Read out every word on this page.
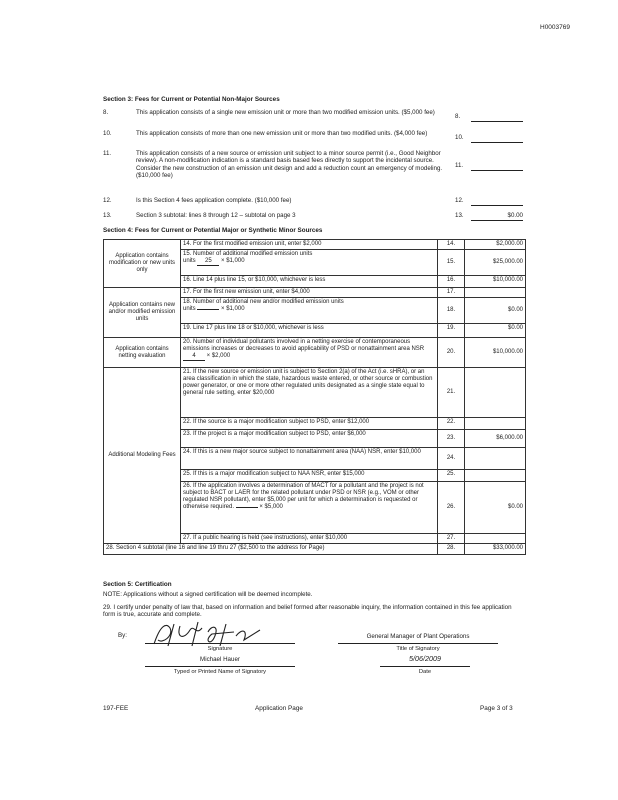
H0003769
Section 3: Fees for Current or Potential Non-Major Sources
8.	This application consists of a single new emission unit or more than two modified emission units. ($5,000 fee)
8.
10.	This application consists of more than one new emission unit or more than two modified units. ($4,000 fee)
10.
11.	This application consists of a new source or emission unit subject to a minor source permit (i.e., Good Neighbor review). A non-modification indication is a standard basis based fees directly to support the incidental source. Consider the new construction of an emission unit design and add a reduction count an emergency of modeling. ($10,000 fee)
11.
12.	Is this Section 4 fees application complete. ($10,000 fee)	12.
13.	Section 3 subtotal: lines 8 through 12 – subtotal on page 3	13.	$0.00
Section 4: Fees for Current or Potential Major or Synthetic Minor Sources
Application contains modification or new units only	14. For the first modified emission unit, enter $2,000	14.	$2,000.00
	15. Number of additional modified emission units
units 25 × $1,000	15.	$25,000.00
	16. Line 14 plus line 15, or $10,000, whichever is less	16.	$10,000.00
Application contains new and/or modified emission units	17. For the first new emission unit, enter $4,000	17.	
	18. Number of additional new and/or modified emission units
units × $1,000	18.	$0.00
	19. Line 17 plus line 18 or $10,000, whichever is less	19.	$0.00
Application contains netting evaluation	20. Number of individual pollutants involved in a netting exercise of contemporaneous emissions increases or decreases to avoid applicability of PSD or nonattainment area NSR 4 × $2,000	20.	$10,000.00
Additional Modeling Fees	21. If the new source or emission unit is subject to Section 2(a) of the Act (i.e. sHRA), or an area classification in which the state, hazardous waste entered, or other source or combustion power generator, or one or more other regulated units designated as a single state equal to general rule setting, enter $20,000	21.	
	22. If the source is a major modification subject to PSD, enter $12,000	22.	
	23. If the project is a major modification subject to PSD, enter $6,000	23.	$6,000.00
	24. If this is a new major source subject to nonattainment area (NAA) NSR, enter $10,000	24.	
	25. If this is a major modification subject to NAA NSR, enter $15,000	25.	
	26. If the application involves a determination of MACT for a pollutant and the project is not subject to BACT or LAER for the related pollutant under PSD or NSR (e.g., VOM or other regulated NSR pollutant), enter $5,000 per unit for which a determination is requested or otherwise required. × $5,000	26.	$0.00
	27. If a public hearing is held (see instructions), enter $10,000	27.	
28. Section 4 subtotal (line 16 and line 19 thru 27 ($2,500 to the address for Page)		28.	$33,000.00
Section 5: Certification
NOTE: Applications without a signed certification will be deemed incomplete.
29. I certify under penalty of law that, based on information and belief formed after reasonable inquiry, the information contained in this fee application form is true, accurate and complete.
By:
Signature
General Manager of Plant Operations
Title of Signatory
Michael Hauer
Typed or Printed Name of Signatory
5/06/2009
Date
197-FEE	Application Page	Page 3 of 3
